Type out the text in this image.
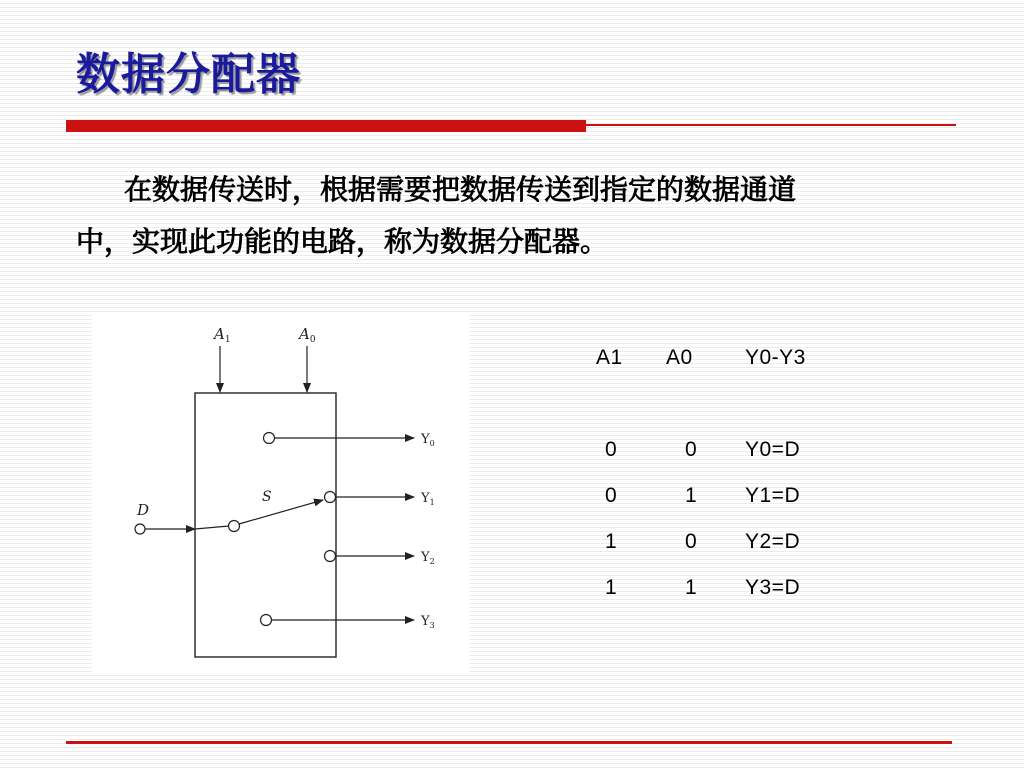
数据分配器
在数据传送时，根据需要把数据传送到指定的数据通道
中，实现此功能的电路，称为数据分配器。
$A_1$	$A_0$
D
S
$Y_0$
$Y_1$
$Y_2$
$Y_3$
A1 A0 Y0-Y3
0	0 Y0=D
0	1 Y1=D
1	0 Y2=D
1	1 Y3=D
